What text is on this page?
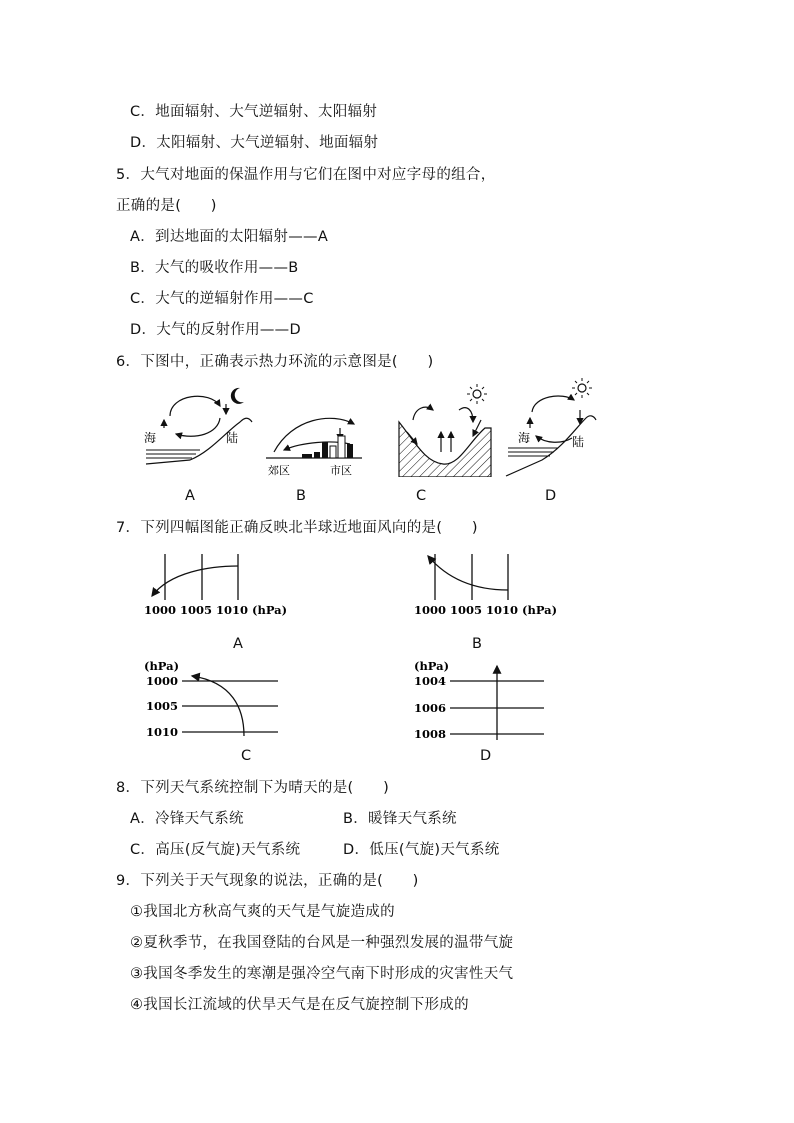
C．地面辐射、大气逆辐射、太阳辐射
D．太阳辐射、大气逆辐射、地面辐射
5．大气对地面的保温作用与它们在图中对应字母的组合，
正确的是(　　)
A．到达地面的太阳辐射——A
B．大气的吸收作用——B
C．大气的逆辐射作用——C
D．大气的反射作用——D
6．下图中，正确表示热力环流的示意图是(　　)
海	陆
A
郊区	市区
B	C
海	陆
D
7．下列四幅图能正确反映北半球近地面风向的是(　　)
1000 1005 1010 (hPa)
A
1000 1005 1010 (hPa)
B
(hPa)
1000
1005
1010
C
(hPa)
1004
1006
1008
D
8．下列天气系统控制下为晴天的是(　　)
A．冷锋天气系统	B．暖锋天气系统
C．高压(反气旋)天气系统	D．低压(气旋)天气系统
9．下列关于天气现象的说法，正确的是(　　)
①我国北方秋高气爽的天气是气旋造成的
②夏秋季节，在我国登陆的台风是一种强烈发展的温带气旋
③我国冬季发生的寒潮是强冷空气南下时形成的灾害性天气
④我国长江流域的伏旱天气是在反气旋控制下形成的
